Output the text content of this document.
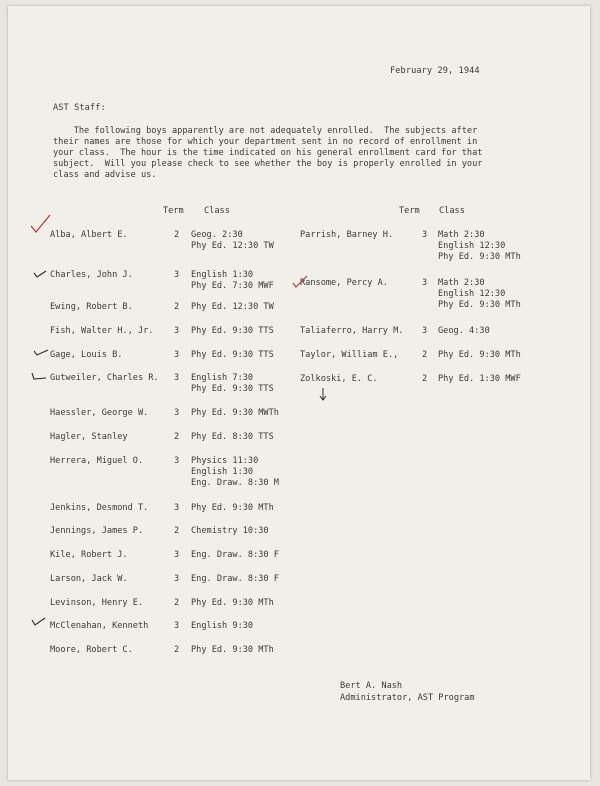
February 29, 1944
AST Staff:
The following boys apparently are not adequately enrolled.  The subjects after
their names are those for which your department sent in no record of enrollment in
your class.  The hour is the time indicated on his general enrollment card for that
subject.  Will you please check to see whether the boy is properly enrolled in your
class and advise us.
Term Class	Term Class
Alba, Albert E.	2 Geog. 2:30
Phy Ed. 12:30 TW
Charles, John J.	3 English 1:30
Phy Ed. 7:30 MWF
Ewing, Robert B.	2 Phy Ed. 12:30 TW
Fish, Walter H., Jr. 3 Phy Ed. 9:30 TTS
Gage, Louis B.	3 Phy Ed. 9:30 TTS
Gutweiler, Charles R. 3 English 7:30
Phy Ed. 9:30 TTS
Haessler, George W.	3 Phy Ed. 9:30 MWTh
Hagler, Stanley	2 Phy Ed. 8:30 TTS
Herrera, Miguel O.	3 Physics 11:30
English 1:30
Eng. Draw. 8:30 M
Jenkins, Desmond T.	3 Phy Ed. 9:30 MTh
Jennings, James P.	2 Chemistry 10:30
Kile, Robert J.	3 Eng. Draw. 8:30 F
Larson, Jack W.	3 Eng. Draw. 8:30 F
Levinson, Henry E.	2 Phy Ed. 9:30 MTh
McClenahan, Kenneth	3 English 9:30
Moore, Robert C.	2 Phy Ed. 9:30 MTh
Parrish, Barney H.	3 Math 2:30
English 12:30
Phy Ed. 9:30 MTh
Ransome, Percy A.	3 Math 2:30
English 12:30
Phy Ed. 9:30 MTh
Taliaferro, Harry M. 3 Geog. 4:30
Taylor, William E.,	2 Phy Ed. 9:30 MTh
Zolkoski, E. C.	2 Phy Ed. 1:30 MWF
Bert A. Nash
Administrator, AST Program
